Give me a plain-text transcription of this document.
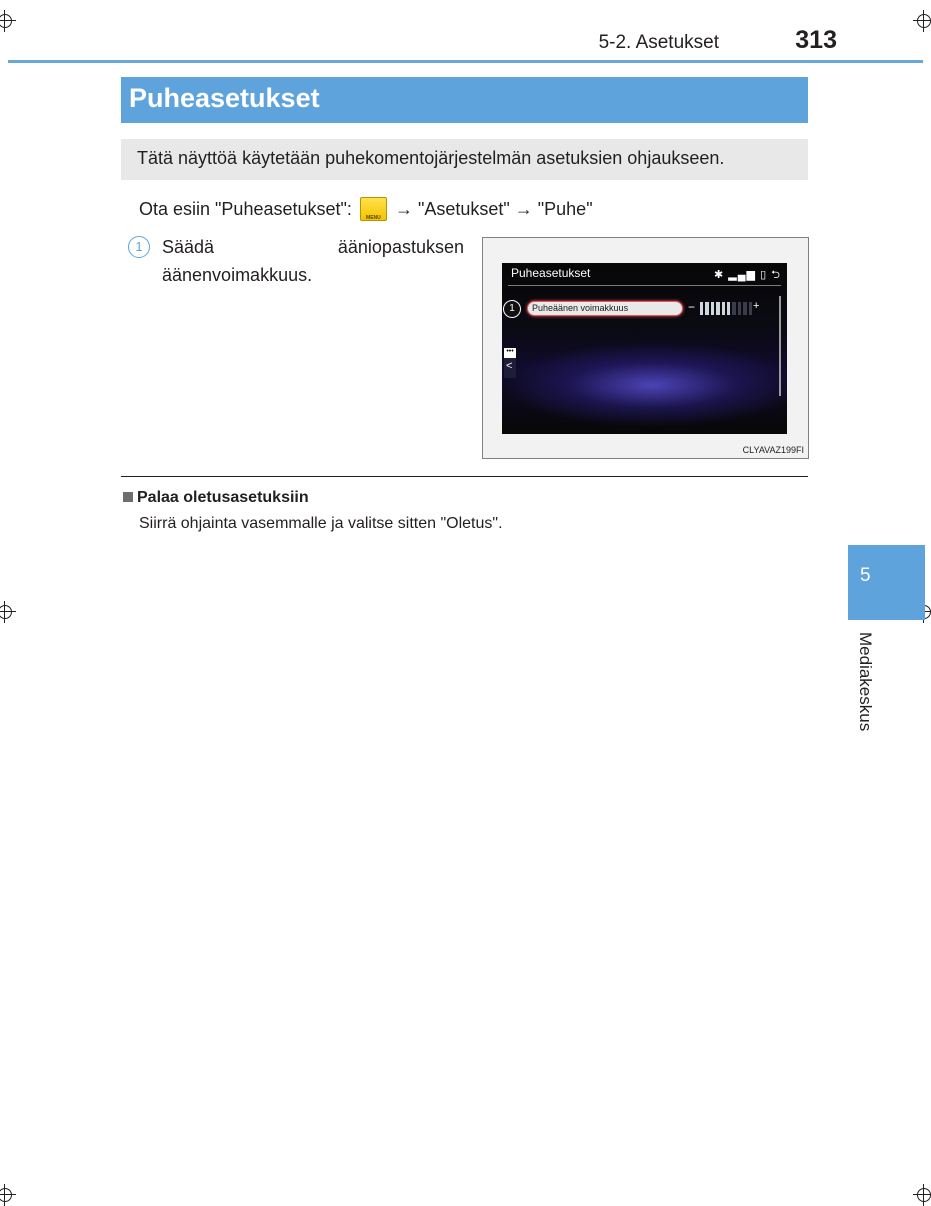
5-2. Asetukset	313
Puheasetukset

Tätä näyttöä käytetään puhekomentojärjestelmän asetuksien ohjaukseen.

Ota esiin "Puheasetukset":	MENU → "Asetukset" → "Puhe"
1	Säädä ääniopastuksen äänenvoimakkuus.	Puheasetukset	✱ ▂▄▆ ▯ ⮌
1	Puheäänen voimakkuus	−	+
•••
<
CLYAVAZ199FI
Palaa oletusasetuksiin
Siirrä ohjainta vasemmalle ja valitse sitten "Oletus".
5
Mediakeskus
